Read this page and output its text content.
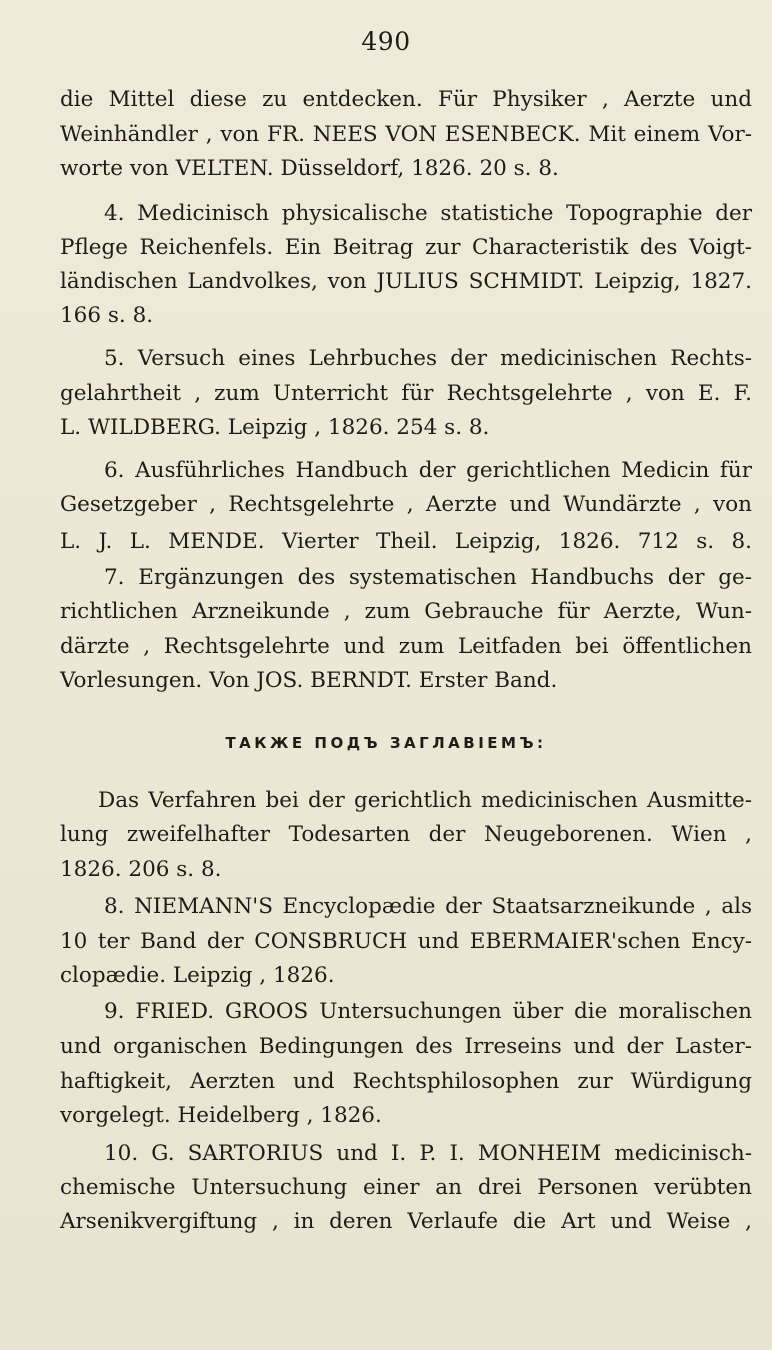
490
die Mittel diese zu entdecken. Für Physiker , Aerzte und
Weinhändler , von FR. NEES VON ESENBECK. Mit einem Vor-
worte von VELTEN. Düsseldorf, 1826. 20 s. 8.
4. Medicinisch physicalische statistiche Topographie der
Pflege Reichenfels. Ein Beitrag zur Characteristik des Voigt-
ländischen Landvolkes, von JULIUS SCHMIDT. Leipzig, 1827.
166 s. 8.
5. Versuch eines Lehrbuches der medicinischen Rechts-
gelahrtheit , zum Unterricht für Rechtsgelehrte , von E. F.
L. WILDBERG. Leipzig , 1826. 254 s. 8.
6. Ausführliches Handbuch der gerichtlichen Medicin für
Gesetzgeber , Rechtsgelehrte , Aerzte und Wundärzte , von
L. J. L. MENDE. Vierter Theil. Leipzig, 1826. 712 s. 8.
7. Ergänzungen des systematischen Handbuchs der ge-
richtlichen Arzneikunde , zum Gebrauche für Aerzte, Wun-
därzte , Rechtsgelehrte und zum Leitfaden bei öffentlichen
Vorlesungen. Von JOS. BERNDT. Erster Band.
ТАКЖЕ ПОДЪ ЗАГЛАВІЕМЪ:
Das Verfahren bei der gerichtlich medicinischen Ausmitte-
lung zweifelhafter Todesarten der Neugeborenen. Wien ,
1826. 206 s. 8.
8. NIEMANN'S Encyclopædie der Staatsarzneikunde , als
10 ter Band der CONSBRUCH und EBERMAIER'schen Ency-
clopædie. Leipzig , 1826.
9. FRIED. GROOS Untersuchungen über die moralischen
und organischen Bedingungen des Irreseins und der Laster-
haftigkeit, Aerzten und Rechtsphilosophen zur Würdigung
vorgelegt. Heidelberg , 1826.
10. G. SARTORIUS und I. P. I. MONHEIM medicinisch-
chemische Untersuchung einer an drei Personen verübten
Arsenikvergiftung , in deren Verlaufe die Art und Weise ,
